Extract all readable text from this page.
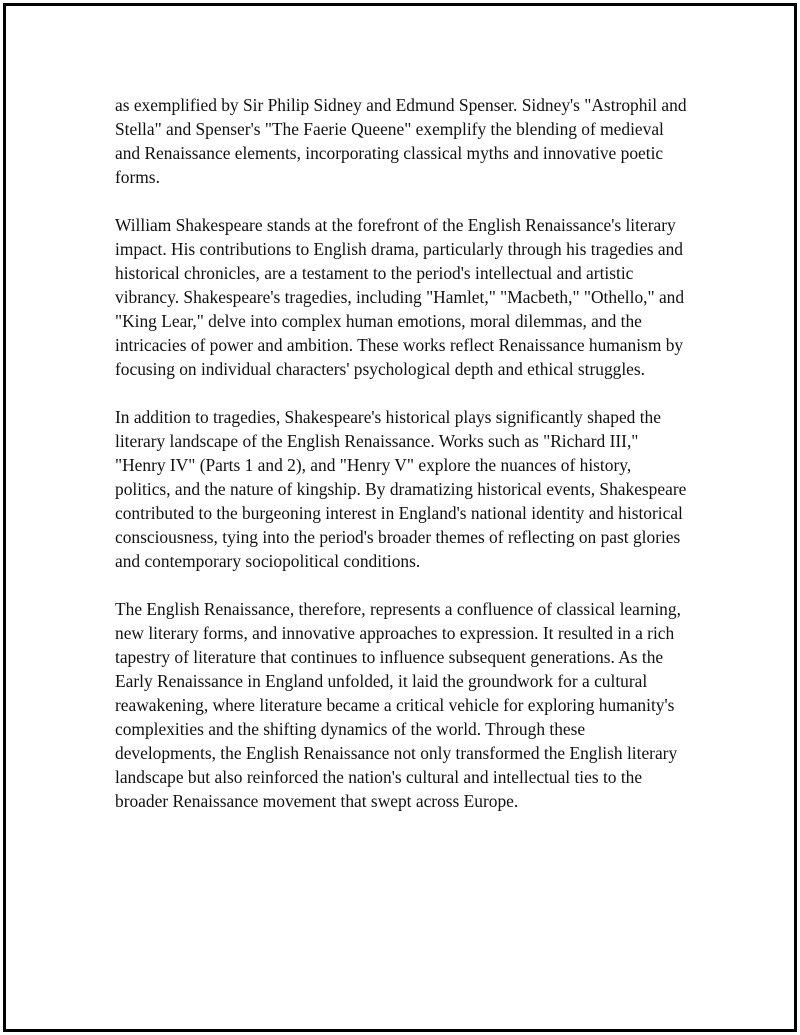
as exemplified by Sir Philip Sidney and Edmund Spenser. Sidney's "Astrophil and Stella" and Spenser's "The Faerie Queene" exemplify the blending of medieval and Renaissance elements, incorporating classical myths and innovative poetic forms.

William Shakespeare stands at the forefront of the English Renaissance's literary impact. His contributions to English drama, particularly through his tragedies and historical chronicles, are a testament to the period's intellectual and artistic vibrancy. Shakespeare's tragedies, including "Hamlet," "Macbeth," "Othello," and "King Lear," delve into complex human emotions, moral dilemmas, and the intricacies of power and ambition. These works reflect Renaissance humanism by focusing on individual characters' psychological depth and ethical struggles.

In addition to tragedies, Shakespeare's historical plays significantly shaped the literary landscape of the English Renaissance. Works such as "Richard III," "Henry IV" (Parts 1 and 2), and "Henry V" explore the nuances of history, politics, and the nature of kingship. By dramatizing historical events, Shakespeare contributed to the burgeoning interest in England's national identity and historical consciousness, tying into the period's broader themes of reflecting on past glories and contemporary sociopolitical conditions.

The English Renaissance, therefore, represents a confluence of classical learning, new literary forms, and innovative approaches to expression. It resulted in a rich tapestry of literature that continues to influence subsequent generations. As the Early Renaissance in England unfolded, it laid the groundwork for a cultural reawakening, where literature became a critical vehicle for exploring humanity's complexities and the shifting dynamics of the world. Through these developments, the English Renaissance not only transformed the English literary landscape but also reinforced the nation's cultural and intellectual ties to the broader Renaissance movement that swept across Europe.
